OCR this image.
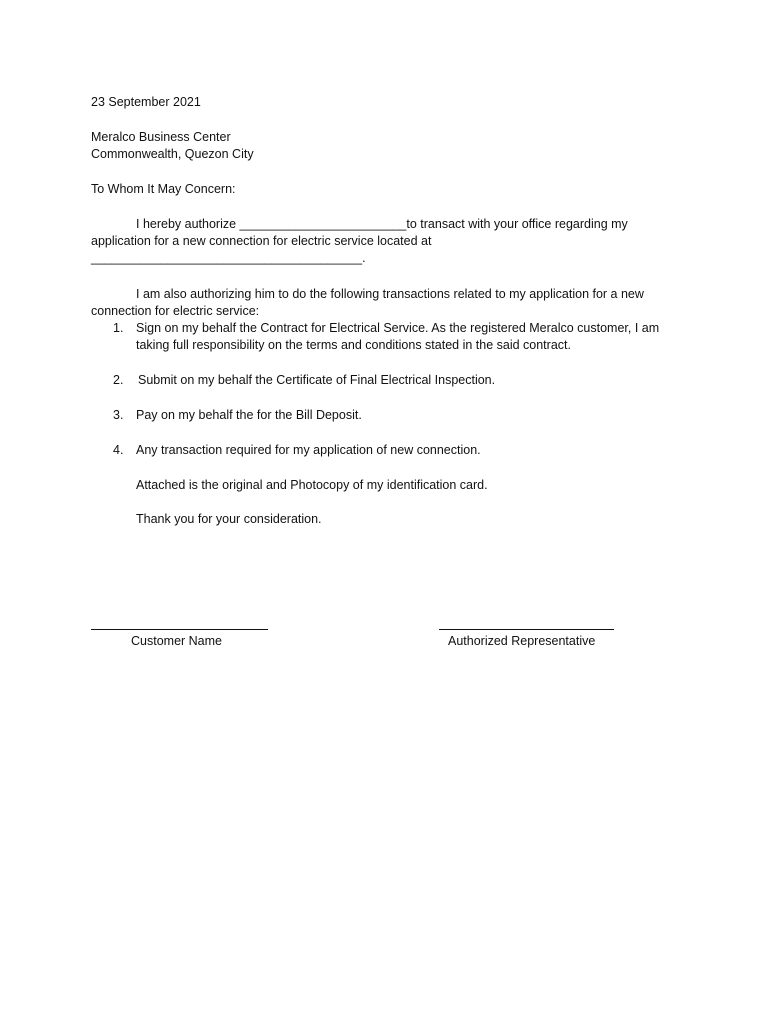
23 September 2021
Meralco Business Center
Commonwealth, Quezon City
To Whom It May Concern:
I hereby authorize ________________________to transact with your office regarding my
application for a new connection for electric service located at
_______________________________________.
I am also authorizing him to do the following transactions related to my application for a new
connection for electric service:
1.	Sign on my behalf the Contract for Electrical Service. As the registered Meralco customer, I am
taking full responsibility on the terms and conditions stated in the said contract.
2.	Submit on my behalf the Certificate of Final Electrical Inspection.
3.	Pay on my behalf the for the Bill Deposit.
4.	Any transaction required for my application of new connection.
Attached is the original and Photocopy of my identification card.
Thank you for your consideration.
Customer Name	Authorized Representative
